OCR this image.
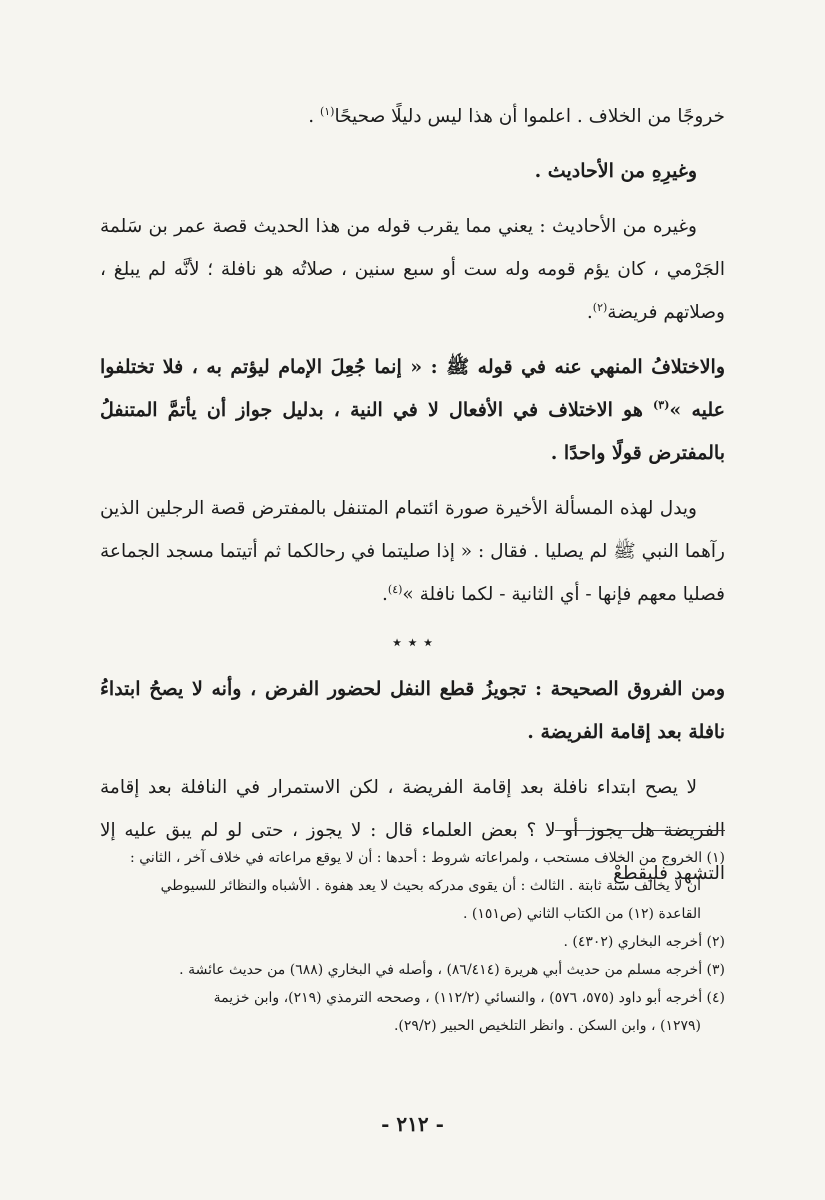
خروجًا من الخلاف . اعلموا أن هذا ليس دليلًا صحيحًا$^{(١)}$ .

وغيرِهِ من الأحاديث .

وغيره من الأحاديث : يعني مما يقرب قوله من هذا الحديث قصة عمر بن سَلمة الجَرْمي ، كان يؤم قومه وله ست أو سبع سنين ، صلاتُه هو نافلة ؛ لأنَّه لم يبلغ ، وصلاتهم فريضة$^{(٢)}$.

والاختلافُ المنهي عنه في قوله ﷺ : « إنما جُعِلَ الإمام ليؤتم به ، فلا تختلفوا عليه »$^{(٣)}$ هو الاختلاف في الأفعال لا في النية ، بدليل جواز أن يأتمَّ المتنفلُ بالمفترض قولًا واحدًا .

ويدل لهذه المسألة الأخيرة صورة ائتمام المتنفل بالمفترض قصة الرجلين الذين رآهما النبي ﷺ لم يصليا . فقال : « إذا صليتما في رحالكما ثم أتيتما مسجد الجماعة فصليا معهم فإنها - أي الثانية - لكما نافلة »$^{(٤)}$.

٭ ٭ ٭

ومن الفروق الصحيحة : تجويزُ قطع النفل لحضور الفرض ، وأنه لا يصحُ ابتداءُ نافلة بعد إقامة الفريضة .

لا يصح ابتداء نافلة بعد إقامة الفريضة ، لكن الاستمرار في النافلة بعد إقامة الفريضة هل يجوز أو لا ؟ بعض العلماء قال : لا يجوز ، حتى لو لم يبق عليه إلا التشهد فليقطعْ

(١) الخروج من الخلاف مستحب ، ولمراعاته شروط : أحدها : أن لا يوقع مراعاته في خلاف آخر ، الثاني :
أن لا يخالف سنة ثابتة . الثالث : أن يقوى مدركه بحيث لا يعد هفوة . الأشباه والنظائر للسيوطي
القاعدة (١٢) من الكتاب الثاني (ص١٥١) .
(٢) أخرجه البخاري (٤٣٠٢) .
(٣) أخرجه مسلم من حديث أبي هريرة (٨٦/٤١٤) ، وأصله في البخاري (٦٨٨) من حديث عائشة .
(٤) أخرجه أبو داود (٥٧٥، ٥٧٦) ، والنسائي (١١٢/٢) ، وصححه الترمذي (٢١٩)، وابن خزيمة
(١٢٧٩) ، وابن السكن . وانظر التلخيص الحبير (٢٩/٢).
- ٢١٢ -
